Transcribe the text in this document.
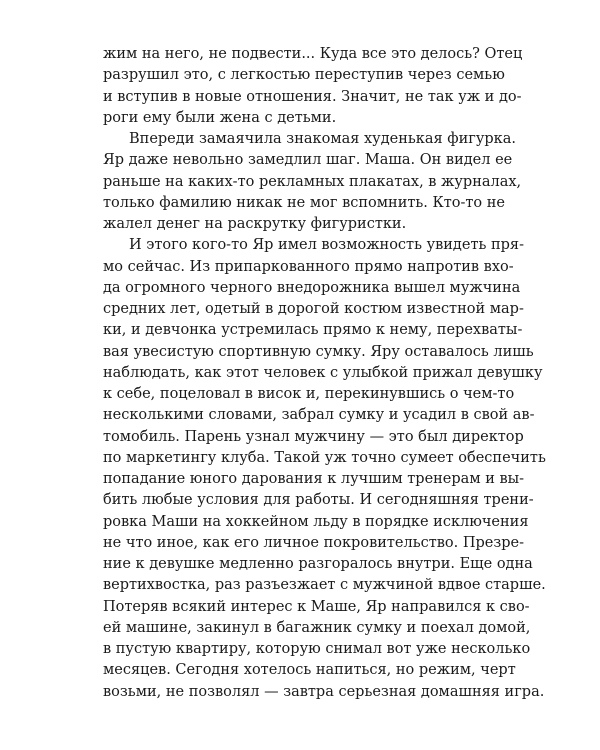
жим на него, не подвести... Куда все это делось? Отец
разрушил это, с легкостью переступив через семью
и вступив в новые отношения. Значит, не так уж и до-
роги ему были жена с детьми.

Впереди замаячила знакомая худенькая фигурка.
Яр даже невольно замедлил шаг. Маша. Он видел ее
раньше на каких-то рекламных плакатах, в журналах,
только фамилию никак не мог вспомнить. Кто-то не
жалел денег на раскрутку фигуристки.

И этого кого-то Яр имел возможность увидеть пря-
мо сейчас. Из припаркованного прямо напротив вхо-
да огромного черного внедорожника вышел мужчина
средних лет, одетый в дорогой костюм известной мар-
ки, и девчонка устремилась прямо к нему, перехваты-
вая увесистую спортивную сумку. Яру оставалось лишь
наблюдать, как этот человек с улыбкой прижал девушку
к себе, поцеловал в висок и, перекинувшись о чем-то
несколькими словами, забрал сумку и усадил в свой ав-
томобиль. Парень узнал мужчину — это был директор
по маркетингу клуба. Такой уж точно сумеет обеспечить
попадание юного дарования к лучшим тренерам и вы-
бить любые условия для работы. И сегодняшняя трени-
ровка Маши на хоккейном льду в порядке исключения
не что иное, как его личное покровительство. Презре-
ние к девушке медленно разгоралось внутри. Еще одна
вертихвостка, раз разъезжает с мужчиной вдвое старше.
Потеряв всякий интерес к Маше, Яр направился к сво-
ей машине, закинул в багажник сумку и поехал домой,
в пустую квартиру, которую снимал вот уже несколько
месяцев. Сегодня хотелось напиться, но режим, черт
возьми, не позволял — завтра серьезная домашняя игра.
